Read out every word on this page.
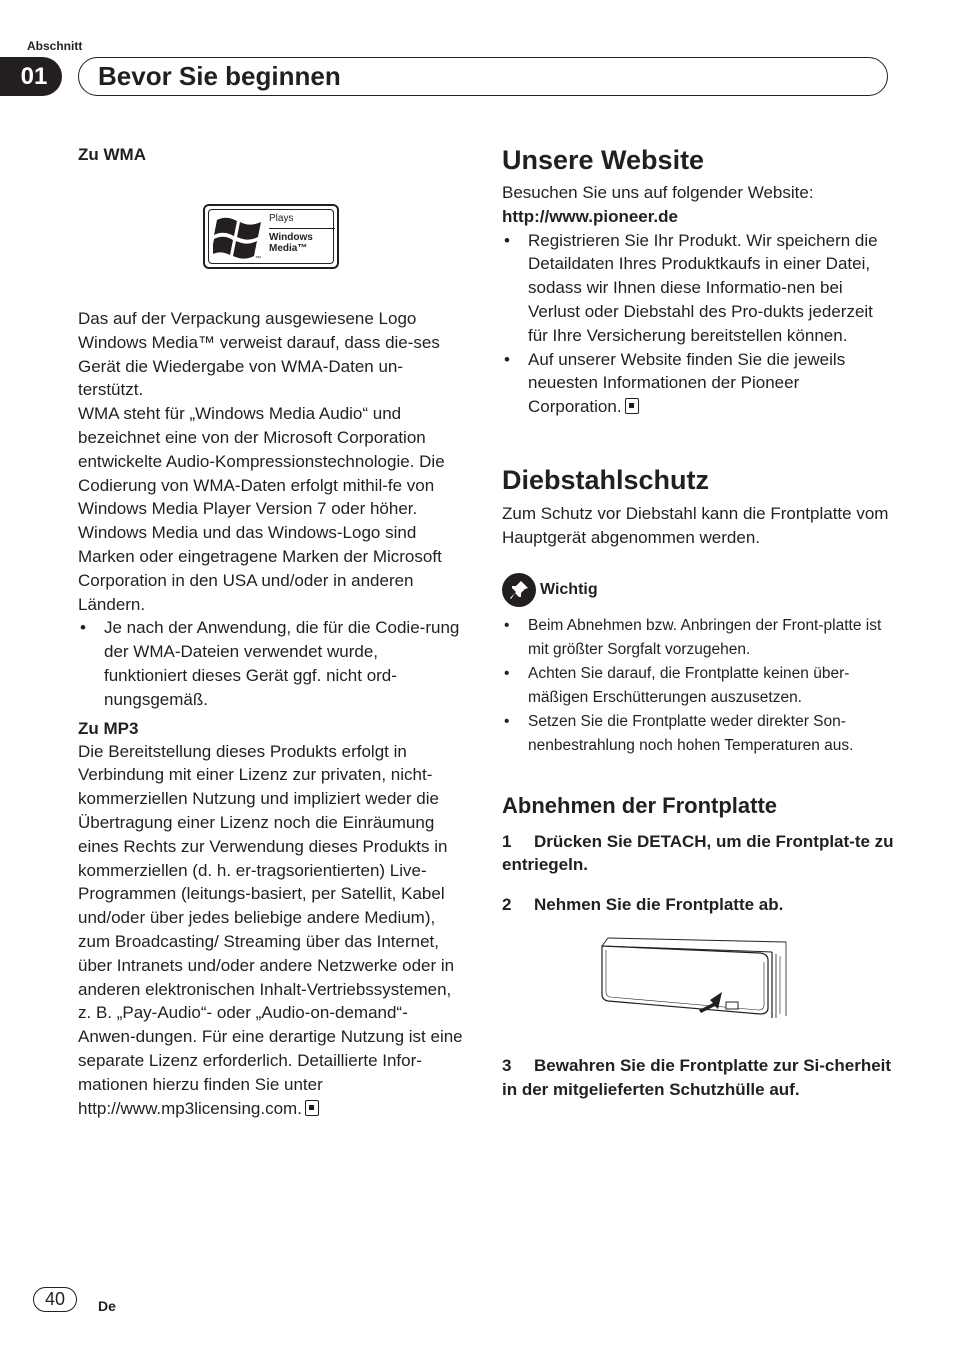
Abschnitt
01	Bevor Sie beginnen
Zu WMA
™
Plays
Windows
Media™

Das auf der Verpackung ausgewiesene Logo Windows Media™ verweist darauf, dass die-ses Gerät die Wiedergabe von WMA-Daten un-terstützt.

WMA steht für „Windows Media Audio“ und bezeichnet eine von der Microsoft Corporation entwickelte Audio-Kompressionstechnologie. Die Codierung von WMA-Daten erfolgt mithil-fe von Windows Media Player Version 7 oder höher.

Windows Media und das Windows-Logo sind Marken oder eingetragene Marken der Microsoft Corporation in den USA und/oder in anderen Ländern.

• Je nach der Anwendung, die für die Codie-rung der WMA-Dateien verwendet wurde, funktioniert dieses Gerät ggf. nicht ord-nungsgemäß.
Zu MP3

Die Bereitstellung dieses Produkts erfolgt in Verbindung mit einer Lizenz zur privaten, nicht-kommerziellen Nutzung und impliziert weder die Übertragung einer Lizenz noch die Einräumung eines Rechts zur Verwendung dieses Produkts in kommerziellen (d. h. er-tragsorientierten) Live-Programmen (leitungs-basiert, per Satellit, Kabel und/oder über jedes beliebige andere Medium), zum Broadcasting/ Streaming über das Internet, über Intranets und/oder andere Netzwerke oder in anderen elektronischen Inhalt-Vertriebssystemen, z. B. „Pay-Audio“- oder „Audio-on-demand“-Anwen-dungen. Für eine derartige Nutzung ist eine separate Lizenz erforderlich. Detaillierte Infor-mationen hierzu finden Sie unter http://www.mp3licensing.com.

Unsere Website

Besuchen Sie uns auf folgender Website:

http://www.pioneer.de

• Registrieren Sie Ihr Produkt. Wir speichern die Detaildaten Ihres Produktkaufs in einer Datei, sodass wir Ihnen diese Informatio-nen bei Verlust oder Diebstahl des Pro-dukts jederzeit für Ihre Versicherung bereitstellen können.
• Auf unserer Website finden Sie die jeweils neuesten Informationen der Pioneer Corporation.
Diebstahlschutz

Zum Schutz vor Diebstahl kann die Frontplatte vom Hauptgerät abgenommen werden.

Wichtig
• Beim Abnehmen bzw. Anbringen der Front-platte ist mit größter Sorgfalt vorzugehen.
• Achten Sie darauf, die Frontplatte keinen über-mäßigen Erschütterungen auszusetzen.
• Setzen Sie die Frontplatte weder direkter Son-nenbestrahlung noch hohen Temperaturen aus.
Abnehmen der Frontplatte
1 Drücken Sie DETACH, um die Frontplat-te zu entriegeln.
2 Nehmen Sie die Frontplatte ab.
3 Bewahren Sie die Frontplatte zur Si-cherheit in der mitgelieferten Schutzhülle auf.
40	De
